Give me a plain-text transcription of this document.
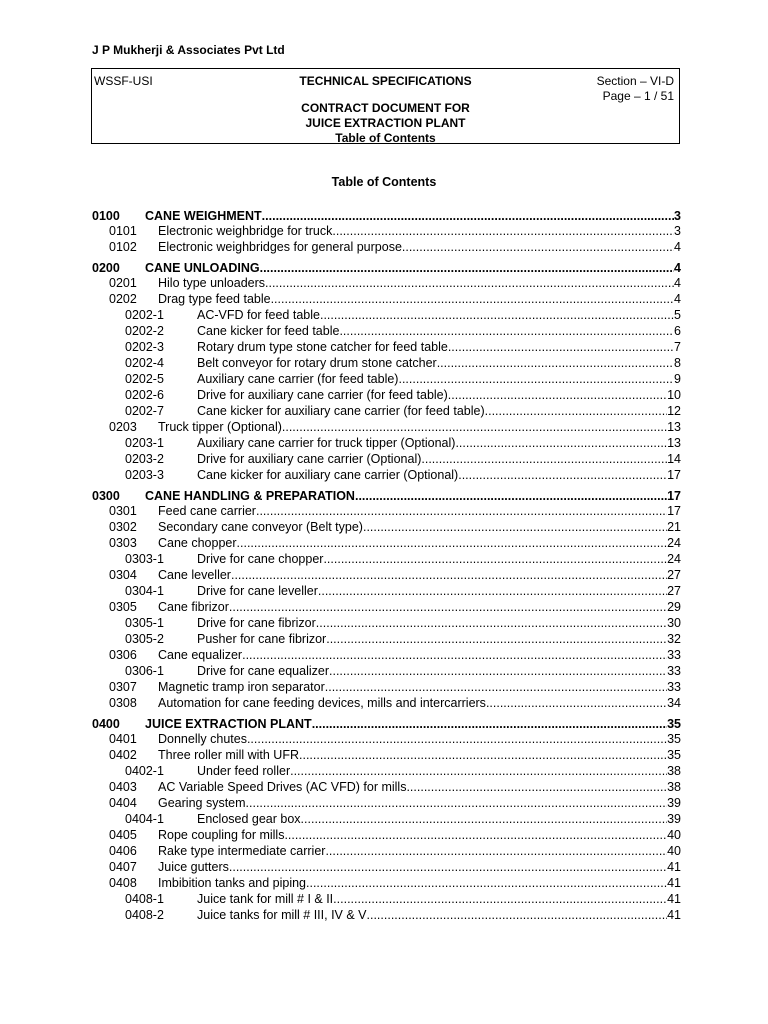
J P Mukherji & Associates Pvt Ltd
WSSF-USI	TECHNICAL SPECIFICATIONS
CONTRACT DOCUMENT FOR
JUICE EXTRACTION PLANT
Table of Contents
Section – VI-D
Page – 1 / 51
Table of Contents
0100	CANE WEIGHMENT .....	3
0101	Electronic weighbridge for truck .....	3
0102	Electronic weighbridges for general purpose .....	4
0200	CANE UNLOADING .....	4
0201	Hilo type unloaders .....	4
0202	Drag type feed table .....	4
0202-1	AC-VFD for feed table .....	5
0202-2	Cane kicker for feed table .....	6
0202-3	Rotary drum type stone catcher for feed table .....	7
0202-4	Belt conveyor for rotary drum stone catcher .....	8
0202-5	Auxiliary cane carrier (for feed table) .....	9
0202-6	Drive for auxiliary cane carrier (for feed table) .....	10
0202-7	Cane kicker for auxiliary cane carrier (for feed table) .....	12
0203	Truck tipper (Optional) .....	13
0203-1	Auxiliary cane carrier for truck tipper (Optional) .....	13
0203-2	Drive for auxiliary cane carrier (Optional) .....	14
0203-3	Cane kicker for auxiliary cane carrier (Optional) .....	17
0300	CANE HANDLING & PREPARATION .....	17
0301	Feed cane carrier .....	17
0302	Secondary cane conveyor (Belt type) .....	21
0303	Cane chopper .....	24
0303-1	Drive for cane chopper .....	24
0304	Cane leveller .....	27
0304-1	Drive for cane leveller .....	27
0305	Cane fibrizor .....	29
0305-1	Drive for cane fibrizor .....	30
0305-2	Pusher for cane fibrizor .....	32
0306	Cane equalizer .....	33
0306-1	Drive for cane equalizer .....	33
0307	Magnetic tramp iron separator .....	33
0308	Automation for cane feeding devices, mills and intercarriers .....	34
0400	JUICE EXTRACTION PLANT .....	35
0401	Donnelly chutes .....	35
0402	Three roller mill with UFR .....	35
0402-1	Under feed roller .....	38
0403	AC Variable Speed Drives (AC VFD) for mills .....	38
0404	Gearing system .....	39
0404-1	Enclosed gear box .....	39
0405	Rope coupling for mills .....	40
0406	Rake type intermediate carrier .....	40
0407	Juice gutters .....	41
0408	Imbibition tanks and piping .....	41
0408-1	Juice tank for mill # I & II .....	41
0408-2	Juice tanks for mill # III, IV & V .....	41
